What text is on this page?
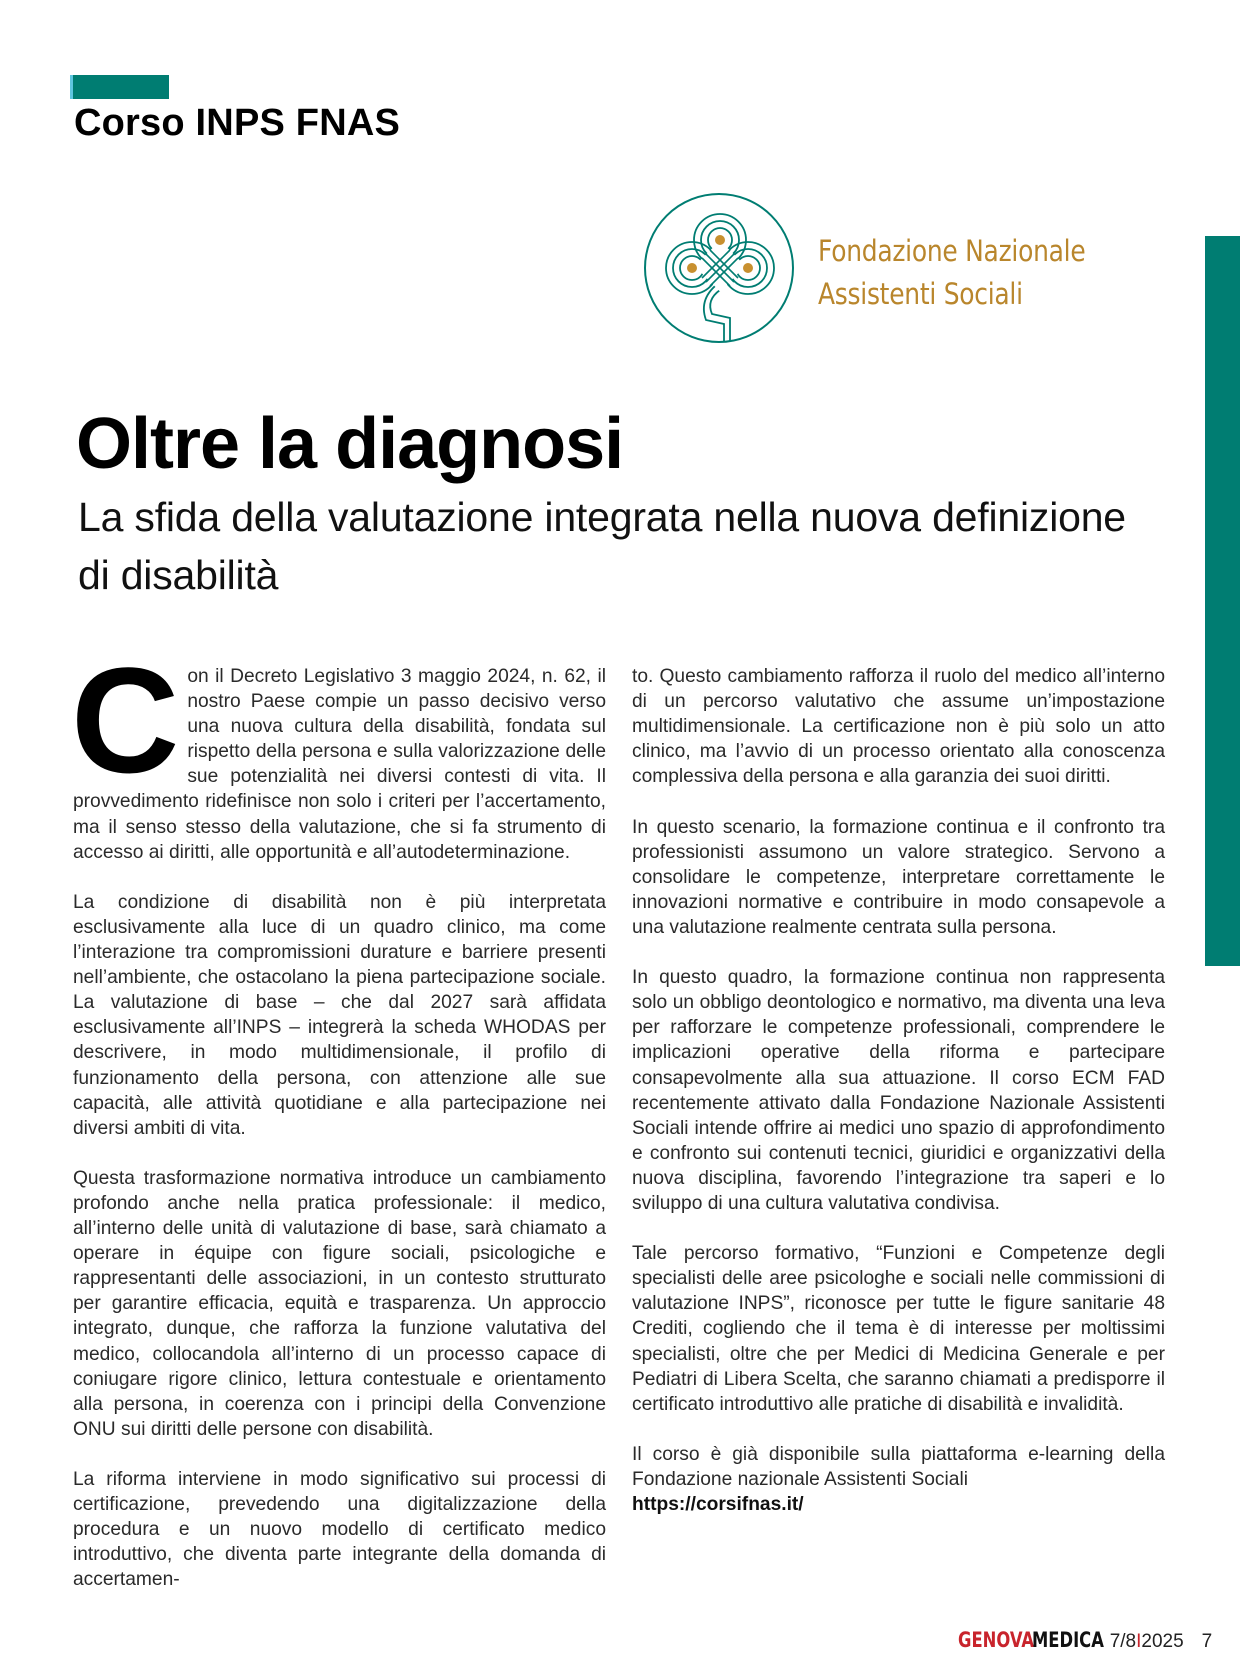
Corso INPS FNAS
Fondazione Nazionale
Assistenti Sociali
Oltre la diagnosi
La sfida della valutazione integrata nella nuova definizione di disabilità

Con il Decreto Legislativo 3 maggio 2024, n. 62, il nostro Paese compie un passo decisivo verso una nuova cultura della disabilità, fondata sul rispetto della persona e sulla valorizzazione delle sue potenzialità nei diversi contesti di vita. Il provvedimento ridefinisce non solo i criteri per l’accertamento, ma il senso stesso della valutazione, che si fa strumento di accesso ai diritti, alle opportunità e all’autodeterminazione.

La condizione di disabilità non è più interpretata esclusivamente alla luce di un quadro clinico, ma come l’interazione tra compromissioni durature e barriere presenti nell’ambiente, che ostacolano la piena partecipazione sociale. La valutazione di base – che dal 2027 sarà affidata esclusivamente all’INPS – integrerà la scheda WHODAS per descrivere, in modo multidimensionale, il profilo di funzionamento della persona, con attenzione alle sue capacità, alle attività quotidiane e alla partecipazione nei diversi ambiti di vita.

Questa trasformazione normativa introduce un cambiamento profondo anche nella pratica professionale: il medico, all’interno delle unità di valutazione di base, sarà chiamato a operare in équipe con figure sociali, psicologiche e rappresentanti delle associazioni, in un contesto strutturato per garantire efficacia, equità e trasparenza. Un approccio integrato, dunque, che rafforza la funzione valutativa del medico, collocandola all’interno di un processo capace di coniugare rigore clinico, lettura contestuale e orientamento alla persona, in coerenza con i principi della Convenzione ONU sui diritti delle persone con disabilità.

La riforma interviene in modo significativo sui processi di certificazione, prevedendo una digitalizzazione della procedura e un nuovo modello di certificato medico introduttivo, che diventa parte integrante della domanda di accertamen-

to. Questo cambiamento rafforza il ruolo del medico all’interno di un percorso valutativo che assume un’impostazione multidimensionale. La certificazione non è più solo un atto clinico, ma l’avvio di un processo orientato alla conoscenza complessiva della persona e alla garanzia dei suoi diritti.

In questo scenario, la formazione continua e il confronto tra professionisti assumono un valore strategico. Servono a consolidare le competenze, interpretare correttamente le innovazioni normative e contribuire in modo consapevole a una valutazione realmente centrata sulla persona.

In questo quadro, la formazione continua non rappresenta solo un obbligo deontologico e normativo, ma diventa una leva per rafforzare le competenze professionali, comprendere le implicazioni operative della riforma e partecipare consapevolmente alla sua attuazione. Il corso ECM FAD recentemente attivato dalla Fondazione Nazionale Assistenti Sociali intende offrire ai medici uno spazio di approfondimento e confronto sui contenuti tecnici, giuridici e organizzativi della nuova disciplina, favorendo l’integrazione tra saperi e lo sviluppo di una cultura valutativa condivisa.

Tale percorso formativo, “Funzioni e Competenze degli specialisti delle aree psicologhe e sociali nelle commissioni di valutazione INPS”, riconosce per tutte le figure sanitarie 48 Crediti, cogliendo che il tema è di interesse per moltissimi specialisti, oltre che per Medici di Medicina Generale e per Pediatri di Libera Scelta, che saranno chiamati a predisporre il certificato introduttivo alle pratiche di disabilità e invalidità.

Il corso è già disponibile sulla piattaforma e-learning della Fondazione nazionale Assistenti Sociali

https://corsifnas.it/
GENOVA
MEDICA 7/8I2025 7
